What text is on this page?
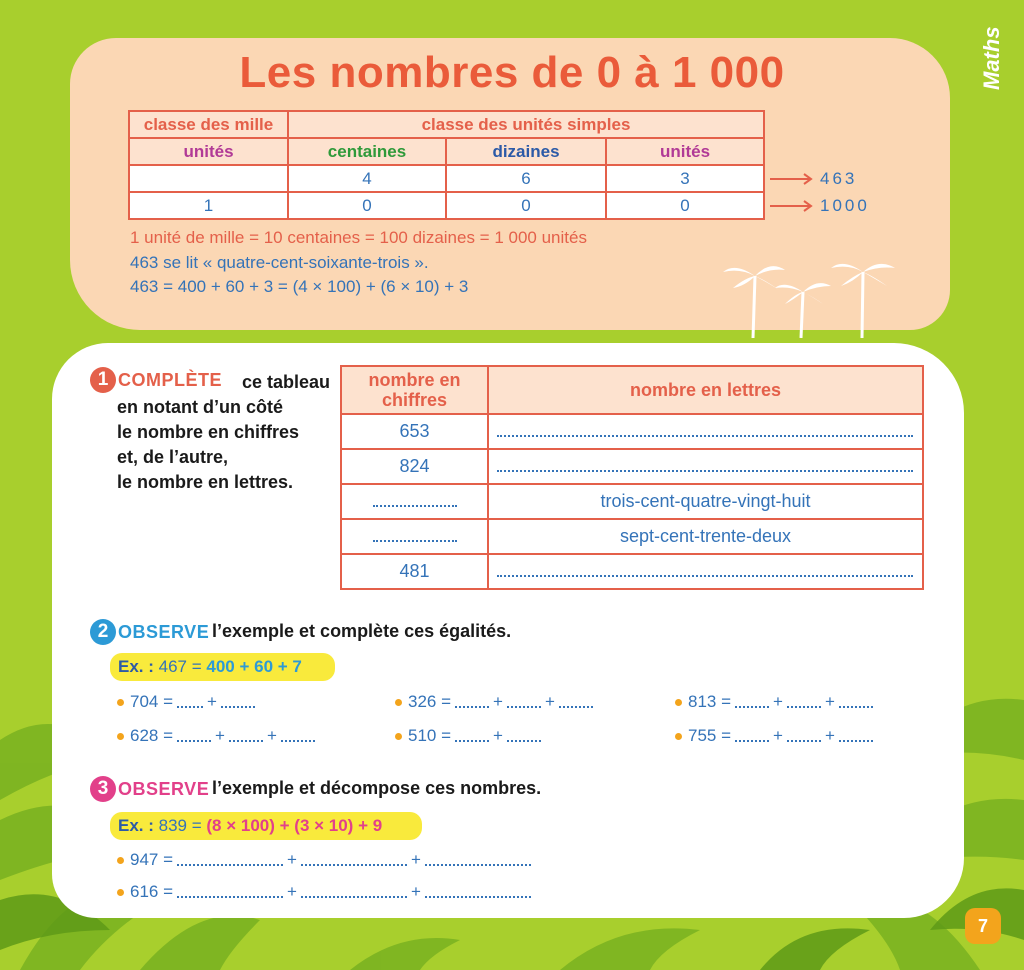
Maths
Les nombres de 0 à 1 000
classe des mille	classe des unités simples		
unités	centaines	dizaines	unités
	4	6	3
1	0	0	0
463
1000
1 unité de mille = 10 centaines = 100 dizaines = 1 000 unités
463 se lit « quatre-cent-soixante-trois ».
463 = 400 + 60 + 3 = (4 × 100) + (6 × 10) + 3
1 COMPLÈTE	ce tableau
en notant d’un côté
le nombre en chiffres
et, de l’autre,
le nombre en lettres.
nombre en chiffres	nombre en lettres
653	
824	
	trois-cent-quatre-vingt-huit
	sept-cent-trente-deux
481	
2 OBSERVE l’exemple et complète ces égalités.
Ex. : 467 = 400 + 60 + 7
704 = +	326 = + +	813 = + +
628 = + +	510 = +	755 = + +
3 OBSERVE l’exemple et décompose ces nombres.
Ex. : 839 = (8 × 100) + (3 × 10) + 9
947 =	+	+
616 =	+	+
7
